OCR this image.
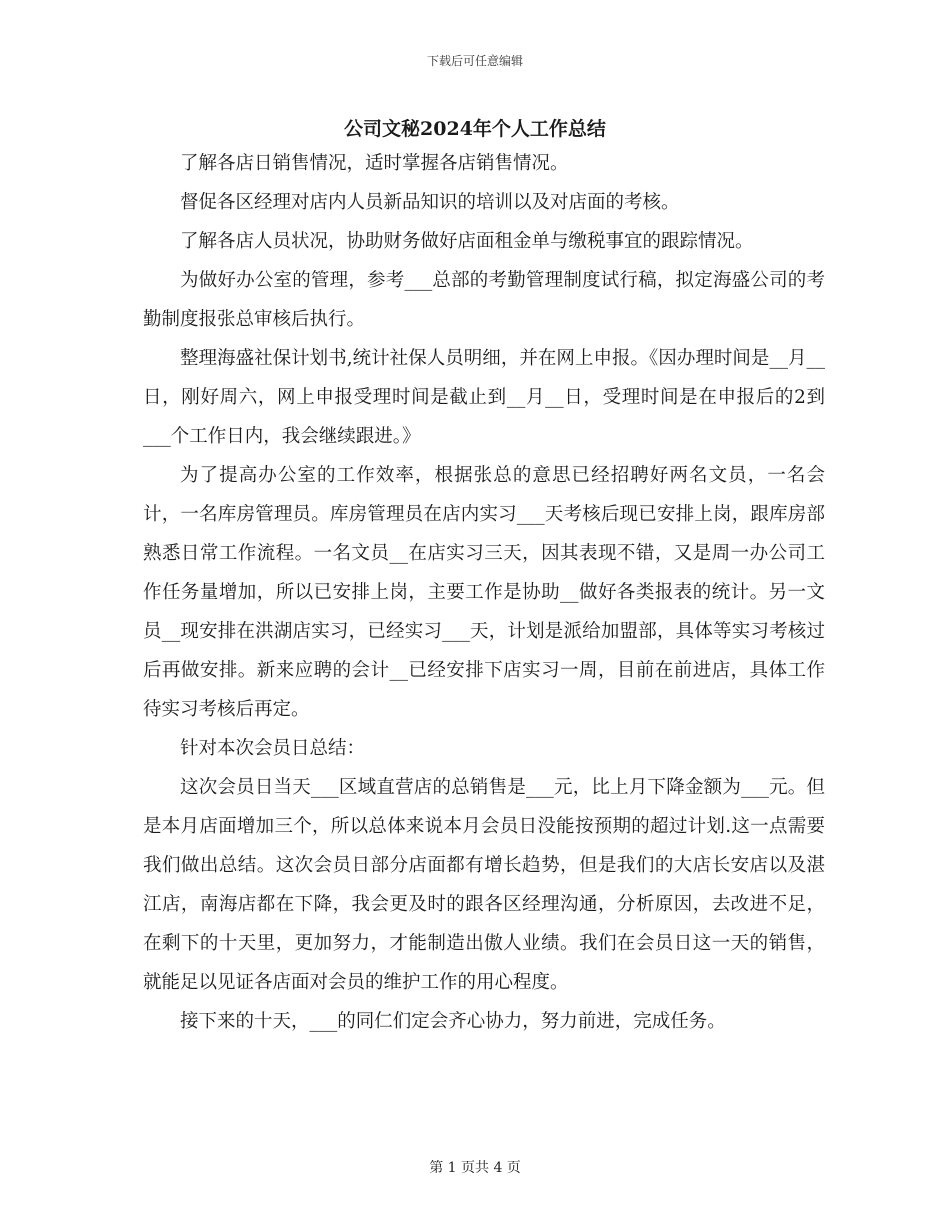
下载后可任意编辑
公司文秘2024年个人工作总结

了解各店日销售情况，适时掌握各店销售情况。

督促各区经理对店内人员新品知识的培训以及对店面的考核。

了解各店人员状况，协助财务做好店面租金单与缴税事宜的跟踪情况。

为做好办公室的管理，参考___总部的考勤管理制度试行稿，拟定海盛公司的考勤制度报张总审核后执行。

整理海盛社保计划书,统计社保人员明细，并在网上申报。《因办理时间是__月__日，刚好周六，网上申报受理时间是截止到__月__日，受理时间是在申报后的2到___个工作日内，我会继续跟进。》

为了提高办公室的工作效率，根据张总的意思已经招聘好两名文员，一名会计，一名库房管理员。库房管理员在店内实习___天考核后现已安排上岗，跟库房部熟悉日常工作流程。一名文员__在店实习三天，因其表现不错，又是周一办公司工作任务量增加，所以已安排上岗，主要工作是协助__做好各类报表的统计。另一文员__现安排在洪湖店实习，已经实习___天，计划是派给加盟部，具体等实习考核过后再做安排。新来应聘的会计__已经安排下店实习一周，目前在前进店，具体工作待实习考核后再定。

针对本次会员日总结：

这次会员日当天___区域直营店的总销售是___元，比上月下降金额为___元。但是本月店面增加三个，所以总体来说本月会员日没能按预期的超过计划.这一点需要我们做出总结。这次会员日部分店面都有增长趋势，但是我们的大店长安店以及湛江店，南海店都在下降，我会更及时的跟各区经理沟通，分析原因，去改进不足，在剩下的十天里，更加努力，才能制造出傲人业绩。我们在会员日这一天的销售，就能足以见证各店面对会员的维护工作的用心程度。

接下来的十天，___的同仁们定会齐心协力，努力前进，完成任务。

第 1 页共 4 页
